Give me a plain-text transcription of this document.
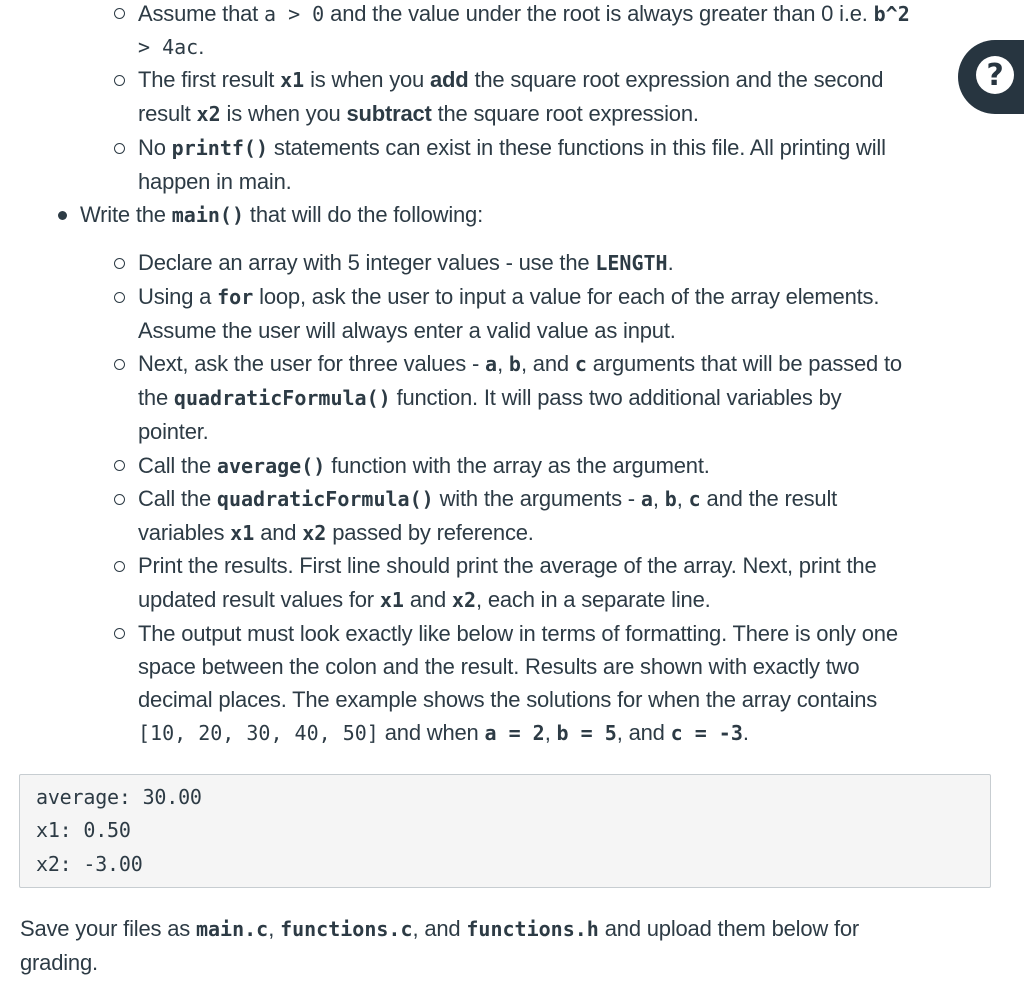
Assume that a > 0 and the value under the root is always greater than 0 i.e. b^2
> 4ac.
The first result x1 is when you add the square root expression and the second
result x2 is when you subtract the square root expression.
No printf() statements can exist in these functions in this file. All printing will
happen in main.
Write the main() that will do the following:
Declare an array with 5 integer values - use the LENGTH.
Using a for loop, ask the user to input a value for each of the array elements.
Assume the user will always enter a valid value as input.
Next, ask the user for three values - a, b, and c arguments that will be passed to
the quadraticFormula() function. It will pass two additional variables by
pointer.
Call the average() function with the array as the argument.
Call the quadraticFormula() with the arguments - a, b, c and the result
variables x1 and x2 passed by reference.
Print the results. First line should print the average of the array. Next, print the
updated result values for x1 and x2, each in a separate line.
The output must look exactly like below in terms of formatting. There is only one
space between the colon and the result. Results are shown with exactly two
decimal places. The example shows the solutions for when the array contains
[10, 20, 30, 40, 50] and when a = 2, b = 5, and c = -3.
average: 30.00
x1: 0.50
x2: -3.00
Save your files as main.c, functions.c, and functions.h and upload them below for
grading.
?
